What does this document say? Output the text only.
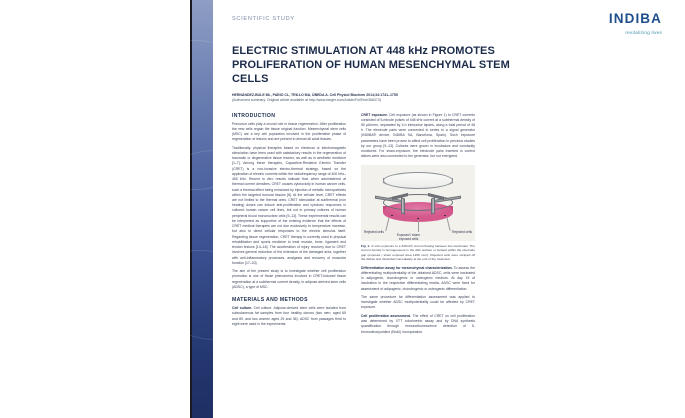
SCIENTIFIC STUDY	INDIBA
revitalizing lives
ELECTRIC STIMULATION AT 448 kHz PROMOTES PROLIFERATION OF HUMAN MESENCHYMAL STEM CELLS
HERNÁNDEZ-BULE ML, PAÍNO CL, TRILLO MA, ÚBEDA A. Cell Physiol Biochem 2014;34:1741–1755
(Authorized summary. Original article available at http://www.karger.com/Article/FullText/366373)
INTRODUCTION

Precursor cells play a crucial role in tissue regeneration. After proliferation the new cells regain the tissue original function. Mesenchymal stem cells (MSC) are a key cell population involved in the proliferative phase of regeneration of lesions and are present in almost all adult tissues.

Traditionally, physical therapies based on electrical or electromagnetic stimulation have been used with satisfactory results in the regeneration of traumatic or degenerative tissue lesions, as well as in aesthetic medicine [1–7]. Among these therapies, Capacitive-Resistive Electric Transfer (CRET) is a non-invasive electro-thermal strategy, based on the application of electric currents within the radiofrequency range of 400 kHz–450 kHz. Recent in vitro results indicate that, when administered at thermal current densities, CRET causes cytotoxicity in human cancer cells, such a thermal effect being enhanced by injection of metallic microparticles within the targeted tumoral tissues [8]. At the cellular level, CRET effects are not limited to the thermal ones. CRET stimulation at subthermal (non heating) doses can induce anti-proliferative and cytotoxic responses in cultured human cancer cell lines, but not in primary cultures of human peripheral blood mononuclear cells [9–13]. These experimental results can be interpreted as supportive of the existing evidence that the effects of CRET medical therapies are not due exclusively to temperature increase, but also to direct cellular responses to the electric stimulus itself. Regarding tissue regeneration, CRET therapy is currently used in physical rehabilitation and sports medicine to treat muscle, bone, ligament and tendon lesions [14–16]. The acceleration of injury recovery due to CRET involves general reduction of the extension of the damaged area, together with anti-inflammatory processes, analgesia and recovery of muscular function [17–20].

The aim of the present study is to investigate whether cell proliferation promotion is one of those phenomena involved in CRET-induced tissue regeneration at a subthermal current density, in adipose-derived stem cells (ADSC), a type of MSC.

MATERIALS AND METHODS

Cell culture. Cell culture. Adipose-derived stem cells were isolated from subcutaneous fat samples from four healthy donors (two men, aged 65 and 69, and two women aged 29 and 36). ADSC from passages third to eight were used in the experiments.

CRET exposure. Cell exposure (as shown in Figure 1) to CRET currents consisted of 5-minute pulses of 448 kHz current at a subthermal density of 50 µA/mm², separated by 4-h interpulse lapses, along a total period of 48 h. The electrode pairs were connected in series to a signal generator (INDIBA® device, INDIBA SA, Barcelona, Spain). Such exposure parameters have been proven to affect cell proliferation in previous studies by our group [9–13]. Cultures were grown in incubators and constantly monitored. For sham-exposure, the electrode pairs inserted in control dishes were also connected to the generator, but not energized.

Rejected cells	Rejected cells
Exposed / sham
exposed cells
Fig. 1. In vitro exposure to a 448 kHz current flowing between two electrodes. The current density is homogeneous in the dish surface or located within the electrode gap (exposed / sham exposed area 1260 mm²). Rejected cells were scraped off the dishes and discarded immediately at the end of the treatment.

Differentiation assay for mesenchymal characterization. To assess the differentiating multipotentiality of the obtained ADSC, cells were incubated in adipogenic, chondrogenic or osteogenic medium. At day 15 of incubation in the respective differentiating media, ADSC were fixed for assessment of adipogenic, chondrogenic or osteogenic differentiation.

The same procedure for differentiation assessment was applied to investigate whether ADSC multipotentiality could be affected by CRET exposure.

Cell proliferation assessment. The effect of CRET on cell proliferation was determined by XTT colorimetric assay and by DNA synthesis quantification through immunofluorescence detection of 5-bromodeoxyuridine (BrdU) incorporation.
